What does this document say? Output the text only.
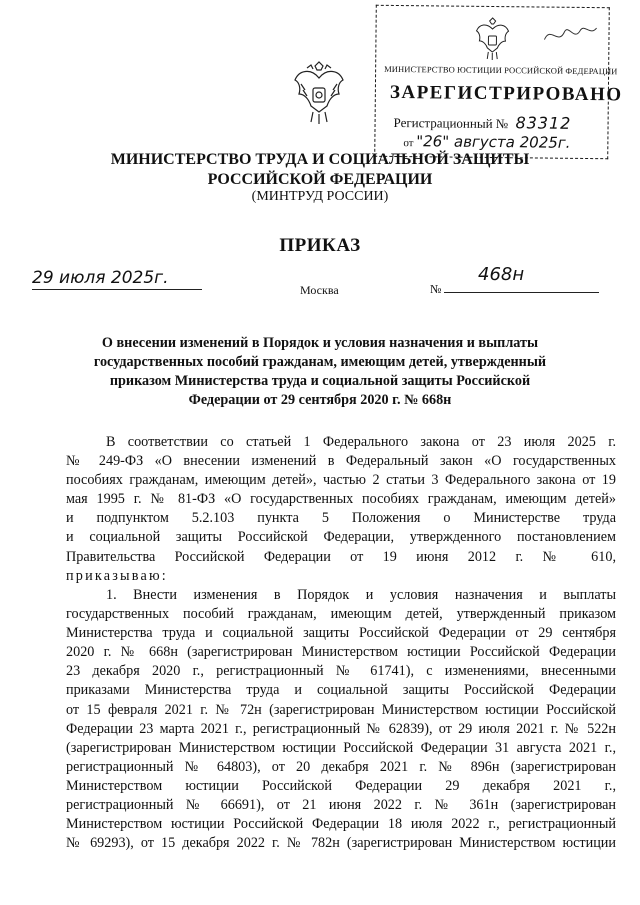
МИНИСТЕРСТВО ЮСТИЦИИ РОССИЙСКОЙ ФЕДЕРАЦИИ
ЗАРЕГИСТРИРОВАНО
Регистрационный № 83312
от "26" августа 2025г.
МИНИСТЕРСТВО ТРУДА И СОЦИАЛЬНОЙ ЗАЩИТЫ
РОССИЙСКОЙ ФЕДЕРАЦИИ
(МИНТРУД РОССИИ)
ПРИКАЗ
29 июля 2025г.
Москва	№
468н
О внесении изменений в Порядок и условия назначения и выплаты
государственных пособий гражданам, имеющим детей, утвержденный
приказом Министерства труда и социальной защиты Российской
Федерации от 29 сентября 2020 г. № 668н
В соответствии со статьей 1 Федерального закона от 23 июля 2025 г.
№ 249-ФЗ «О внесении изменений в Федеральный закон «О государственных
пособиях гражданам, имеющим детей», частью 2 статьи 3 Федерального закона от 19
мая 1995 г. № 81-ФЗ «О государственных пособиях гражданам, имеющим детей»
и подпунктом 5.2.103 пункта 5 Положения о Министерстве труда
и социальной защиты Российской Федерации, утвержденного постановлением
Правительства Российской Федерации от 19 июня 2012 г. № 610,
приказываю:
1. Внести изменения в Порядок и условия назначения и выплаты
государственных пособий гражданам, имеющим детей, утвержденный приказом
Министерства труда и социальной защиты Российской Федерации от 29 сентября
2020 г. № 668н (зарегистрирован Министерством юстиции Российской Федерации
23 декабря 2020 г., регистрационный № 61741), с изменениями, внесенными
приказами Министерства труда и социальной защиты Российской Федерации
от 15 февраля 2021 г. № 72н (зарегистрирован Министерством юстиции Российской
Федерации 23 марта 2021 г., регистрационный № 62839), от 29 июля 2021 г. № 522н
(зарегистрирован Министерством юстиции Российской Федерации 31 августа 2021 г.,
регистрационный № 64803), от 20 декабря 2021 г. № 896н (зарегистрирован
Министерством юстиции Российской Федерации 29 декабря 2021 г.,
регистрационный № 66691), от 21 июня 2022 г. № 361н (зарегистрирован
Министерством юстиции Российской Федерации 18 июля 2022 г., регистрационный
№ 69293), от 15 декабря 2022 г. № 782н (зарегистрирован Министерством юстиции
